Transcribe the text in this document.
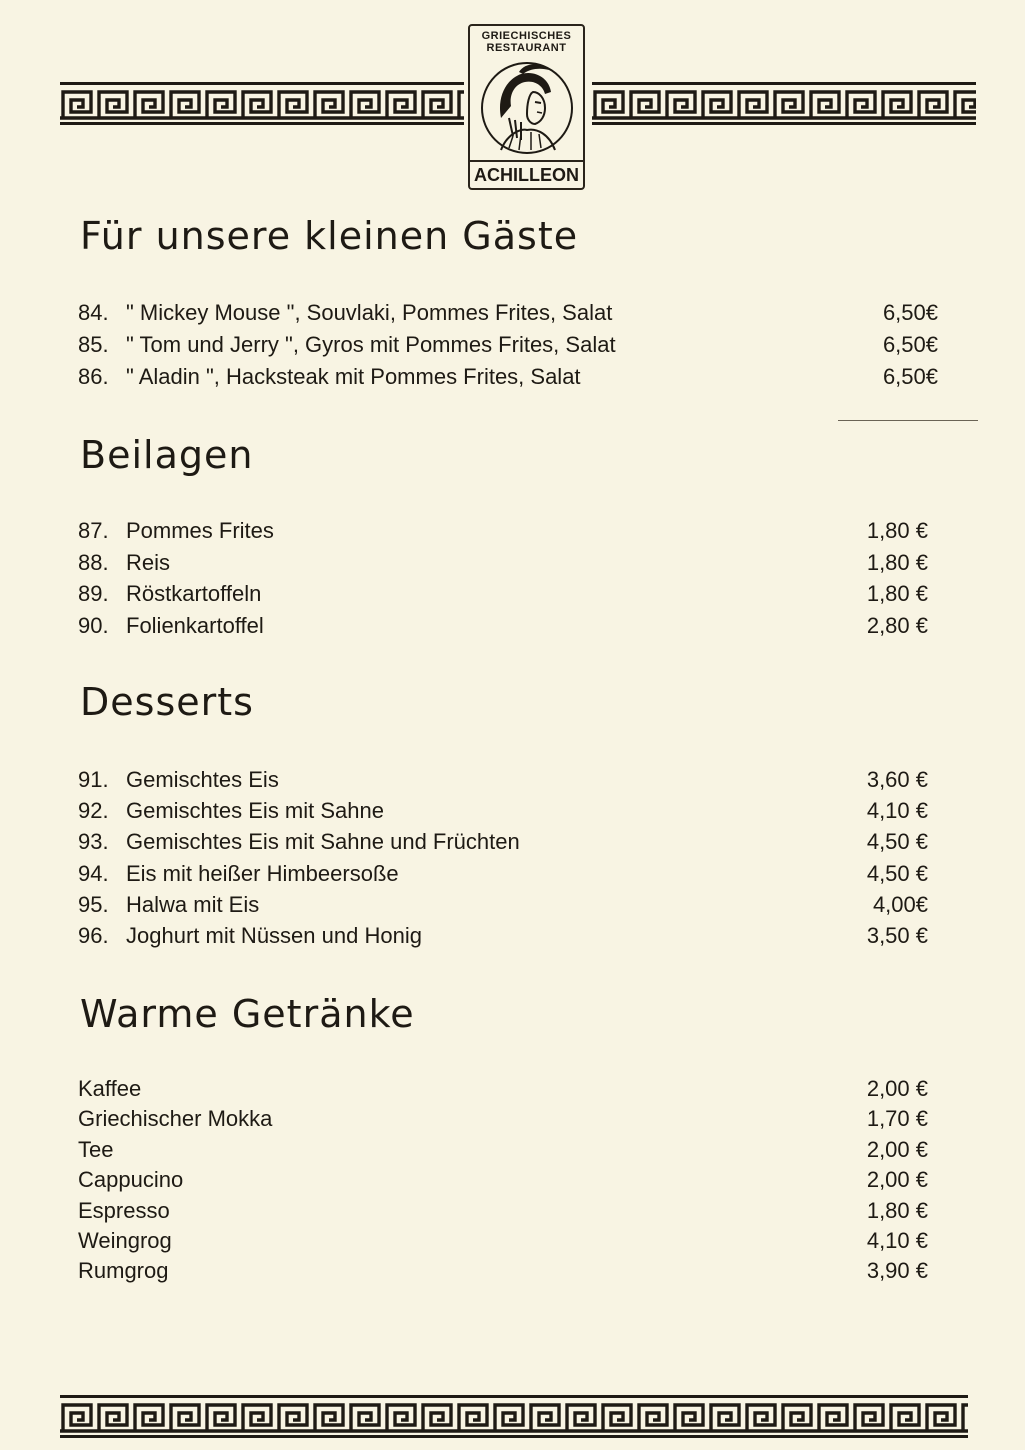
GRIECHISCHES
RESTAURANT
ACHILLEON
Für unsere kleinen Gäste
84. " Mickey Mouse ", Souvlaki, Pommes Frites, Salat	6,50€
85. " Tom und Jerry ", Gyros mit Pommes Frites, Salat	6,50€
86. " Aladin ", Hacksteak mit Pommes Frites, Salat	6,50€
Beilagen
87. Pommes Frites	1,80 €
88. Reis	1,80 €
89. Röstkartoffeln	1,80 €
90. Folienkartoffel	2,80 €
Desserts
91. Gemischtes Eis	3,60 €
92. Gemischtes Eis mit Sahne	4,10 €
93. Gemischtes Eis mit Sahne und Früchten	4,50 €
94. Eis mit heißer Himbeersoße	4,50 €
95. Halwa mit Eis	4,00€
96. Joghurt mit Nüssen und Honig	3,50 €
Warme Getränke
Kaffee	2,00 €
Griechischer Mokka	1,70 €
Tee	2,00 €
Cappucino	2,00 €
Espresso	1,80 €
Weingrog	4,10 €
Rumgrog	3,90 €
